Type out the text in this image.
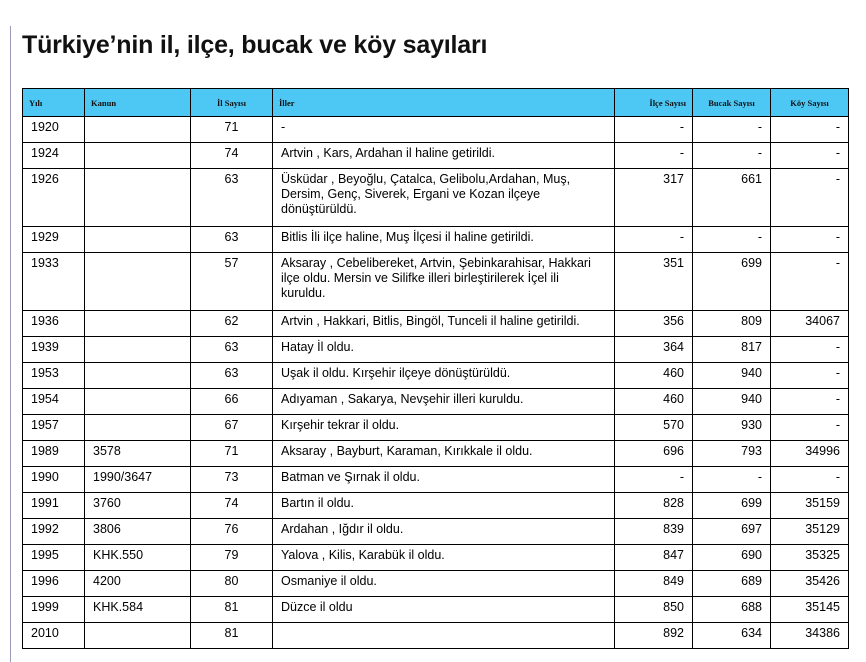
Türkiye’nin il, ilçe, bucak ve köy sayıları
Yılı	Kanun	İl Sayısı	İller	İlçe Sayısı	Bucak Sayısı	Köy Sayısı
1920		71	-	-	-	-
1924		74	Artvin , Kars, Ardahan il haline getirildi.	-	-	-
1926		63	Üsküdar , Beyoğlu, Çatalca, Gelibolu,Ardahan, Muş, Dersim, Genç, Siverek, Ergani ve Kozan ilçeye dönüştürüldü.	317	661	-
1929		63	Bitlis İli ilçe haline, Muş İlçesi il haline getirildi.	-	-	-
1933		57	Aksaray , Cebelibereket, Artvin, Şebinkarahisar, Hakkari ilçe oldu. Mersin ve Silifke illeri birleştirilerek İçel ili kuruldu.	351	699	-
1936		62	Artvin , Hakkari, Bitlis, Bingöl, Tunceli il haline getirildi.	356	809	34067
1939		63	Hatay İl oldu.	364	817	-
1953		63	Uşak il oldu. Kırşehir ilçeye dönüştürüldü.	460	940	-
1954		66	Adıyaman , Sakarya, Nevşehir illeri kuruldu.	460	940	-
1957		67	Kırşehir tekrar il oldu.	570	930	-
1989	3578	71	Aksaray , Bayburt, Karaman, Kırıkkale il oldu.	696	793	34996
1990	1990/3647	73	Batman ve Şırnak il oldu.	-	-	-
1991	3760	74	Bartın il oldu.	828	699	35159
1992	3806	76	Ardahan , Iğdır il oldu.	839	697	35129
1995	KHK.550	79	Yalova , Kilis, Karabük il oldu.	847	690	35325
1996	4200	80	Osmaniye il oldu.	849	689	35426
1999	KHK.584	81	Düzce il oldu	850	688	35145
2010		81		892	634	34386
